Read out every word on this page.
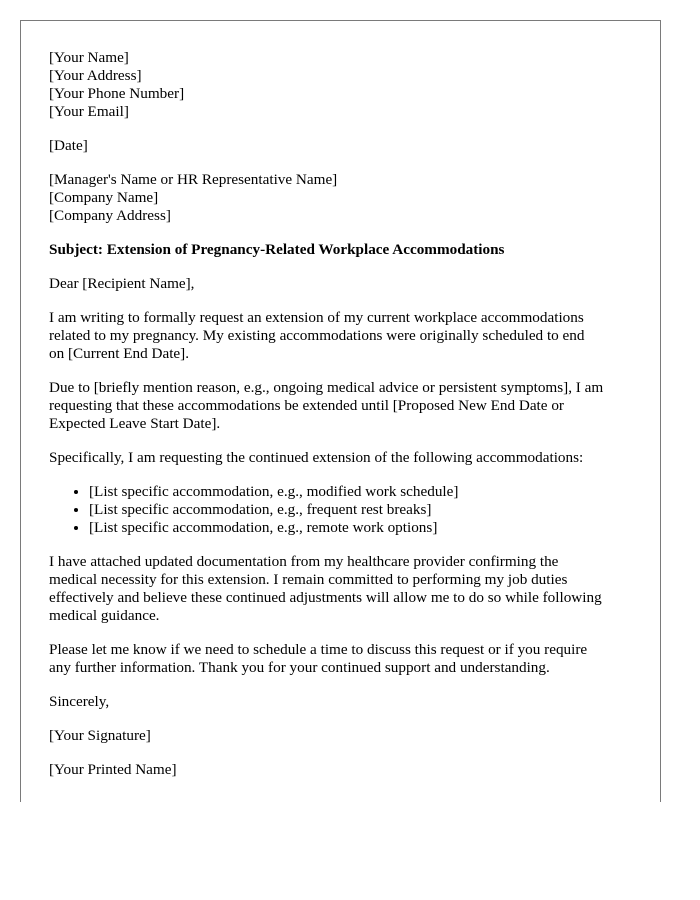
[Your Name]
[Your Address]
[Your Phone Number]
[Your Email]
[Date]
[Manager's Name or HR Representative Name]
[Company Name]
[Company Address]
Subject: Extension of Pregnancy-Related Workplace Accommodations
Dear [Recipient Name],
I am writing to formally request an extension of my current workplace accommodations
related to my pregnancy. My existing accommodations were originally scheduled to end
on [Current End Date].
Due to [briefly mention reason, e.g., ongoing medical advice or persistent symptoms], I am
requesting that these accommodations be extended until [Proposed New End Date or
Expected Leave Start Date].
Specifically, I am requesting the continued extension of the following accommodations:
• [List specific accommodation, e.g., modified work schedule]
• [List specific accommodation, e.g., frequent rest breaks]
• [List specific accommodation, e.g., remote work options]
I have attached updated documentation from my healthcare provider confirming the
medical necessity for this extension. I remain committed to performing my job duties
effectively and believe these continued adjustments will allow me to do so while following
medical guidance.
Please let me know if we need to schedule a time to discuss this request or if you require
any further information. Thank you for your continued support and understanding.
Sincerely,
[Your Signature]
[Your Printed Name]
